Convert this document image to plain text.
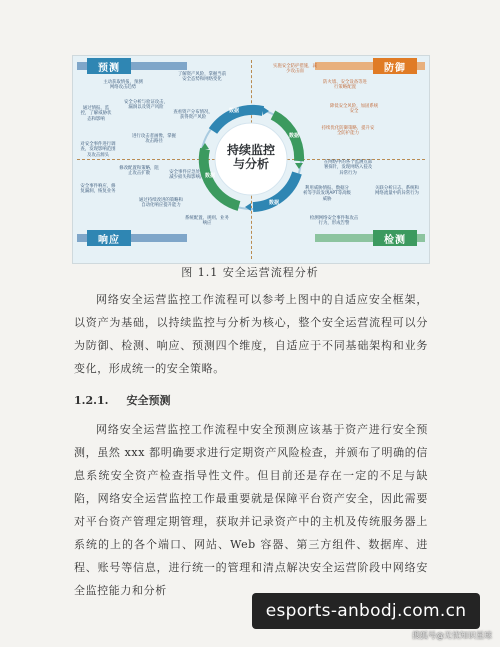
预测	防御
响应	检测
主动获取情报，预测网络攻击趋势
了解资产风险，掌握当前安全态势和网络变化
安全分析与验证攻击，漏洞以及资产风险
通过情报、监控，了解威胁状态和影响
进行攻击者画像，掌握攻击路径
查看资产分布情况，获得资产风险
对安全事件进行调查，发现影响范围及攻击源头
修改配置和策略，阻止攻击扩散
安全事件响应，修复漏洞，恢复业务
通过持续改进的策略和自动化响应提升能力
安全事件应急处置，减少损失和影响范围
系统配置、规则、业务响应
实施安全防护措施，减少攻击面
防火墙、安全设备等进行策略配置
降低安全风险，加固系统安全
持续优化防御策略，提升安全防护能力
在网络中的各个监测点部署探针，发现网络入侵及异常行为
利用威胁情报、数据分析等手段发现APT等高级威胁
关联分析日志、系统和网络流量中的异常行为
检测网络安全事件和攻击行为，形成告警
数据
数据
数据
数据
持续监控
与分析
图 1.1 安全运营流程分析
网络安全运营监控工作流程可以参考上图中的自适应安全框架，以资产为基础，以持续监控与分析为核心，整个安全运营流程可以分为防御、检测、响应、预测四个维度，自适应于不同基础架构和业务变化，形成统一的安全策略。
1.2.1. 安全预测
网络安全运营监控工作流程中安全预测应该基于资产进行安全预测，虽然 xxx 都明确要求进行定期资产风险检查，并颁布了明确的信息系统安全资产检查指导性文件。但目前还是存在一定的不足与缺陷，网络安全运营监控工作最重要就是保障平台资产安全，因此需要对平台资产管理定期管理，获取并记录资产中的主机及传统服务器上系统的上的各个端口、网站、Web 容器、第三方组件、数据库、进程、账号等信息，进行统一的管理和清点解决安全运营阶段中网络安全监控能力和分析
esports-anbodj.com.cn
搜狐号@无忧知识星球
